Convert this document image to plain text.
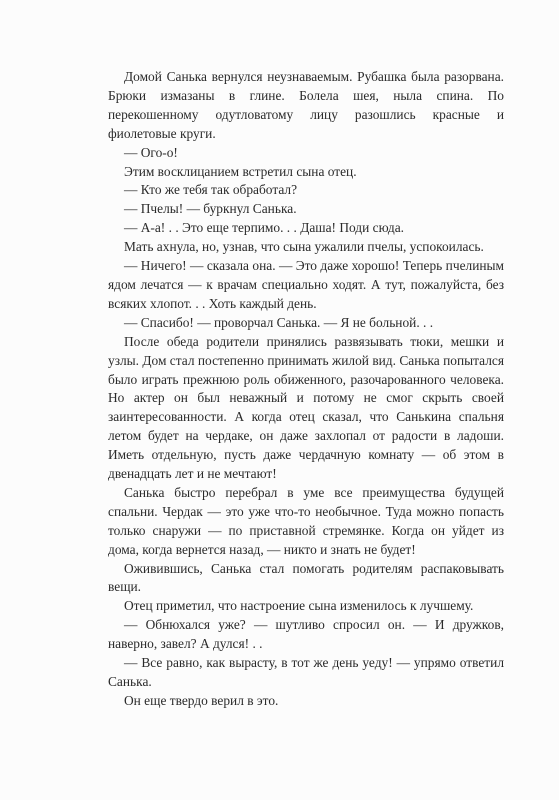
Домой Санька вернулся неузнаваемым. Рубашка была разорвана. Брюки измазаны в глине. Болела шея, ныла спина. По перекошенному одутловатому лицу разошлись красные и фиолетовые круги.

— Ого-о!

Этим восклицанием встретил сына отец.

— Кто же тебя так обработал?

— Пчелы! — буркнул Санька.

— А-а! . . Это еще терпимо. . . Даша! Поди сюда.

Мать ахнула, но, узнав, что сына ужалили пчелы, успокоилась.

— Ничего! — сказала она. — Это даже хорошо! Теперь пчелиным ядом лечатся — к врачам специально ходят. А тут, пожалуйста, без всяких хлопот. . . Хоть каждый день.

— Спасибо! — проворчал Санька. — Я не больной. . .

После обеда родители принялись развязывать тюки, мешки и узлы. Дом стал постепенно принимать жилой вид. Санька попытался было играть прежнюю роль обиженного, разочарованного человека. Но актер он был неважный и потому не смог скрыть своей заинтересованности. А когда отец сказал, что Санькина спальня летом будет на чердаке, он даже захлопал от радости в ладоши. Иметь отдельную, пусть даже чердачную комнату — об этом в двенадцать лет и не мечтают!

Санька быстро перебрал в уме все преимущества будущей спальни. Чердак — это уже что-то необычное. Туда можно попасть только снаружи — по приставной стремянке. Когда он уйдет из дома, когда вернется назад, — никто и знать не будет!

Оживившись, Санька стал помогать родителям распаковывать вещи.

Отец приметил, что настроение сына изменилось к лучшему.

— Обнюхался уже? — шутливо спросил он. — И дружков, наверно, завел? А дулся! . .

— Все равно, как вырасту, в тот же день уеду! — упрямо ответил Санька.

Он еще твердо верил в это.
